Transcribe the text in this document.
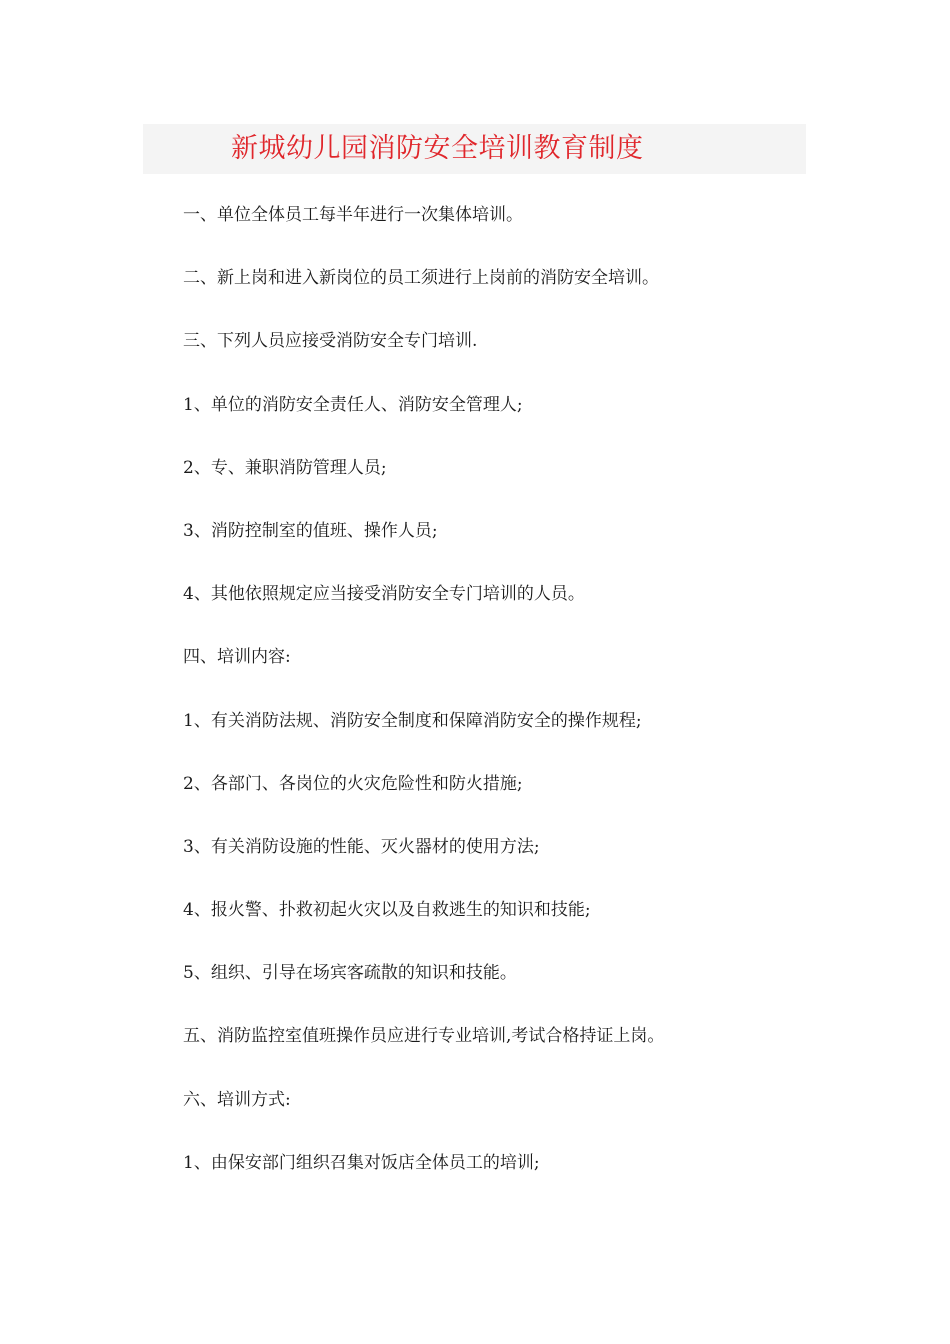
新城幼儿园消防安全培训教育制度
一、单位全体员工每半年进行一次集体培训。
二、新上岗和进入新岗位的员工须进行上岗前的消防安全培训。
三、下列人员应接受消防安全专门培训.
1、单位的消防安全责任人、消防安全管理人;
2、专、兼职消防管理人员;
3、消防控制室的值班、操作人员;
4、其他依照规定应当接受消防安全专门培训的人员。
四、培训内容:
1、有关消防法规、消防安全制度和保障消防安全的操作规程;
2、各部门、各岗位的火灾危险性和防火措施;
3、有关消防设施的性能、灭火器材的使用方法;
4、报火警、扑救初起火灾以及自救逃生的知识和技能;
5、组织、引导在场宾客疏散的知识和技能。
五、消防监控室值班操作员应进行专业培训,考试合格持证上岗。
六、培训方式:
1、由保安部门组织召集对饭店全体员工的培训;
